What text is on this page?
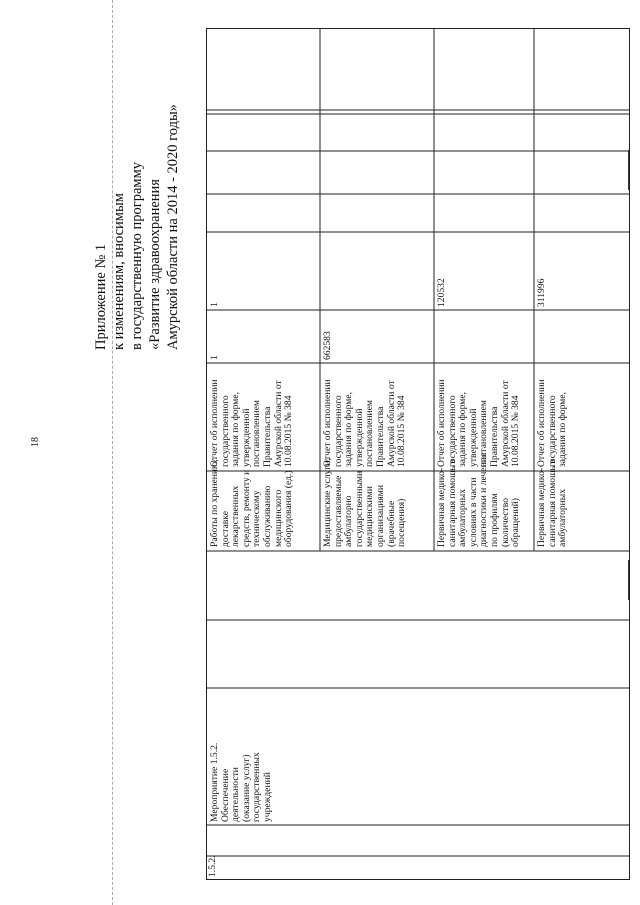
18
Приложение № 1 к изменениям, вносимым в государственную программу «Развитие здравоохранения Амурской области на 2014 - 2020 годы»
1.5.2.
Мероприятие 1.5.2. Обеспечение деятельности (оказание услуг) государственных учреждений
Работы по хранению, доставке лекарственных средств, ремонту и техническому обслуживанию медицинского оборудования (ед.)
Отчет об исполнении государственного задания по форме, утвержденной постановлением Правительства Амурской области от 10.08.2015 № 384
1
1
Медицинские услуги, предоставляемые амбулаторно государственными медицинскими организациями (врачебные посещения)
Отчет об исполнении государственного задания по форме, утвержденной постановлением Правительства Амурской области от 10.08.2015 № 384
662583
Первичная медико- санитарная помощь в амбулаторных условиях в части диагностики и лечения по профилям (количество обращений)
Отчет об исполнении государственного задания по форме, утвержденной постановлением Правительства Амурской области от 10.08.2015 № 384
120532
Первичная медико- санитарная помощь в амбулаторных
Отчет об исполнении государственного задания по форме,
311996
